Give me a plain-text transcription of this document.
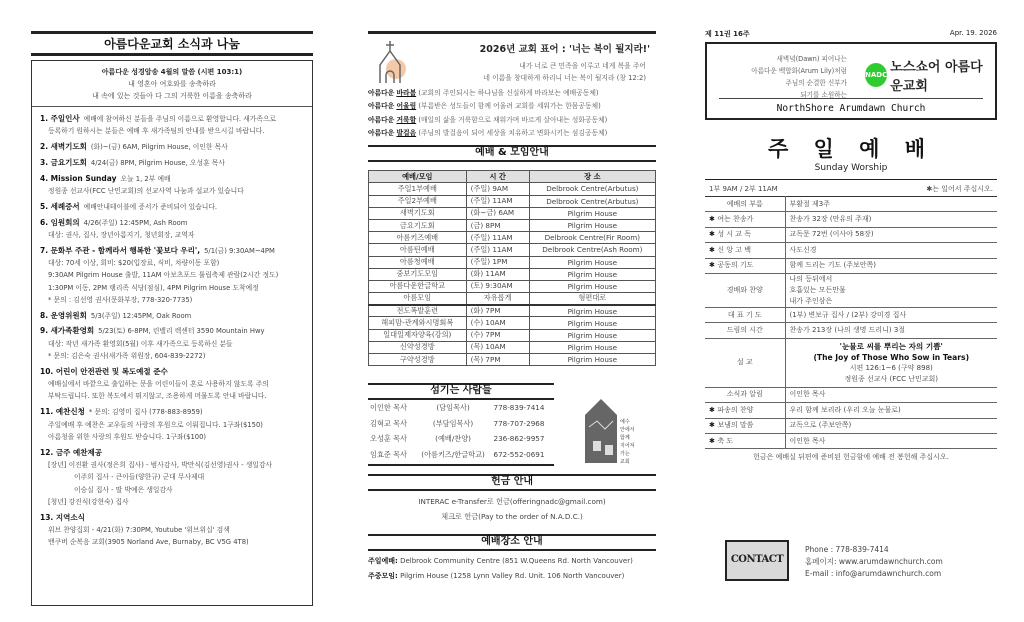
아름다운교회 소식과 나눔
아름다운 성경암송 4월의 말씀 (시편 103:1)
내 영혼아 여호와를 송축하라
내 속에 있는 것들아 다 그의 거룩한 이름을 송축하라
1. 주일인사 예배에 참여하신 분들을 주님의 이름으로 환영합니다. 새가족으로
등록하기 원하시는 분들은 예배 후 새가족팀의 안내를 받으시길 바랍니다.
2. 새벽기도회 (화)~(금) 6AM, Pilgrim House, 이인한 목사
3. 금요기도회 4/24(금) 8PM, Pilgrim House, 오성훈 목사
4. Mission Sunday 오늘 1, 2부 예배
정원종 선교사(FCC 난민교회)의 선교사역 나눔과 설교가 있습니다
5. 세례증서 예배안내테이블에 증서가 준비되어 있습니다.
6. 임원회의 4/26(주일) 12:45PM, Ash Room
대상: 권사, 집사, 장년아름지기, 청년회장, 교역자
7. 문화부 주관 - 함께라서 행복한 '꽃보다 우리', 5/1(금) 9:30AM~4PM
대상: 70세 이상, 회비: $20(입장료, 식비, 차량이동 포함)
9:30AM Pilgrim House 출발, 11AM 아보츠포드 튤립축제 관람(2시간 정도)
1:30PM 이동, 2PM 랭리족 식당(점심), 4PM Pilgrim House 도착예정
* 문의 : 김선영 권사(문화부장, 778-320-7735)
8. 운영위원회 5/3(주일) 12:45PM, Oak Room
9. 새가족환영회 5/23(토) 6-8PM, 린밸리 렉센터 3590 Mountain Hwy
대상: 작년 새가족 환영회(5월) 이후 새가족으로 등록하신 분들
* 문의: 김은숙 권사(새가족 위원장, 604-839-2272)
10. 어린이 안전관련 및 복도예절 준수
예배실에서 바깥으로 출입하는 문을 어린이들이 혼로 사용하지 않도록 주의
부탁드립니다. 또한 복도에서 뛰지않고, 조용하게 머물도록 안내 바랍니다.
11. 예찬신청 * 문의: 김영미 집사 (778-883-8959)
주일예배 후 예찬은 교우들의 사랑의 후원으로 이뤄집니다. 1구좌($150)
아름청을 위한 사랑의 후원도 받습니다. 1구좌($100)
12. 금주 예찬제공
[장년] 이진환 권사(정은희 집사) - 범사감사, 박만식(김선영)권사 - 생일감사
이주희 집사 - 큰아들(양한규) 군대 무사제대
이승실 집사 - 딸 박예은 생일감사
[청년] 강진식(강현숙) 집사
13. 지역소식
위브 찬양집회 - 4/21(화) 7:30PM, Youtube '위브위십' 검색
밴쿠버 순복음 교회(3905 Norland Ave, Burnaby, BC V5G 4T8)
2026년 교회 표어 : '너는 복이 될지라!'
내가 너로 큰 민족을 이루고 네게 복을 주어
네 이름을 창대하게 하리니 너는 복이 될지라 (창 12:2)
아름다운 바라봄 (교회의 주인되시는 하나님을 신실하게 바라보는 예배공동체)
아름다운 어울림 (부름받은 성도들이 함께 어울려 교회를 세워가는 한몸공동체)
아름다운 거룩함 (매일의 삶을 거룩함으로 채워가며 바르게 살아내는 성화공동체)
아름다운 발걸음 (주님의 발걸음이 되어 세상을 치유하고 변화시키는 섬김공동체)
예배 & 모임안내
예배/모임	시 간	장 소
주일1부예배	(주일) 9AM	Delbrook Centre(Arbutus)
주일2부예배	(주일) 11AM	Delbrook Centre(Arbutus)
새벽기도회	(화~금) 6AM	Pilgrim House
금요기도회	(금) 8PM	Pilgrim House
아름키즈예배	(주일) 11AM	Delbrook Centre(Fir Room)
아름틴예배	(주일) 11AM	Delbrook Centre(Ash Room)
아름청예배	(주일) 1PM	Pilgrim House
중보기도모임	(화) 11AM	Pilgrim House
아름다운한글학교	(토) 9:30AM	Pilgrim House
아름모임	자유롭게	형편대로
전도폭발훈련	(화) 7PM	Pilgrim House
해피맘-관계와시명회복	(수) 10AM	Pilgrim House
일대일제자양육(강의)	(수) 7PM	Pilgrim House
신약성경방	(목) 10AM	Pilgrim House
구약성경방	(목) 7PM	Pilgrim House
섬기는 사람들
이인한 목사	(담임목사)	778-839-7414
김혁교 목사	(부담임목사)	778-707-2968
오성훈 목사	(예배/찬양)	236-862-9957
임효준 목사	(아름키즈/한글학교)	672-552-0691
예수
안에서
함께
지어져
가는
교회
헌금 안내
INTERAC e-Transfer로 헌금(offeringnadc@gmail.com)
체크로 헌금(Pay to the order of N.A.D.C.)
예배장소 안내
주일예배: Delbrook Community Centre (851 W.Queens Rd. North Vancouver)
주중모임: Pilgrim House (1258 Lynn Valley Rd. Unit. 106 North Vancouver)
제 11권 16주	Apr. 19. 2026
새벽녘(Dawn) 피어나는
아름다운 백합화(Arum Lily)처럼
주님의 순결한 신부가
되기를 소원하는
NADC 노스쇼어 아름다운교회
NorthShore Arumdawn Church
주 일 예 배
Sunday Worship
1부 9AM / 2부 11AM	✱는 일어서 주십시오.
예배의 부름	부활절 제3주

✱ 여는 찬송가	찬송가 32장 (만유의 주재)

✱ 성 시 교 독	교독문 72번 (이사야 58장)

✱ 신 앙 고 백	사도신경

✱ 공동의 기도	함께 드리는 기도 (주보안쪽)

경배와 찬양	나의 등뒤에서
호흡있는 모든만물
내가 주인삼은

대 표 기 도	(1부) 변보규 집사 / (2부) 강미경 집사

드림의 시간	찬송가 213장 (나의 생명 드리니) 3절

설 교	'눈물로 씨를 뿌리는 자의 기쁨'
(The Joy of Those Who Sow in Tears)
시편 126:1~6 (구약 898)
정원종 선교사 (FCC 난민교회)

소식과 알림	이인한 목사

✱ 파송의 찬양	우리 함께 보리라 (우리 오늘 눈물로)

✱ 보냄의 말씀	교독으로 (주보안쪽)

✱ 축 도	이인한 목사
헌금은 예배실 뒤편에 준비된 헌금함에 예배 전 봉헌해 주십시오.
CONTACT
Phone : 778-839-7414
홈페이지: www.arumdawnchurch.com
E-mail : info@arumdawnchurch.com
